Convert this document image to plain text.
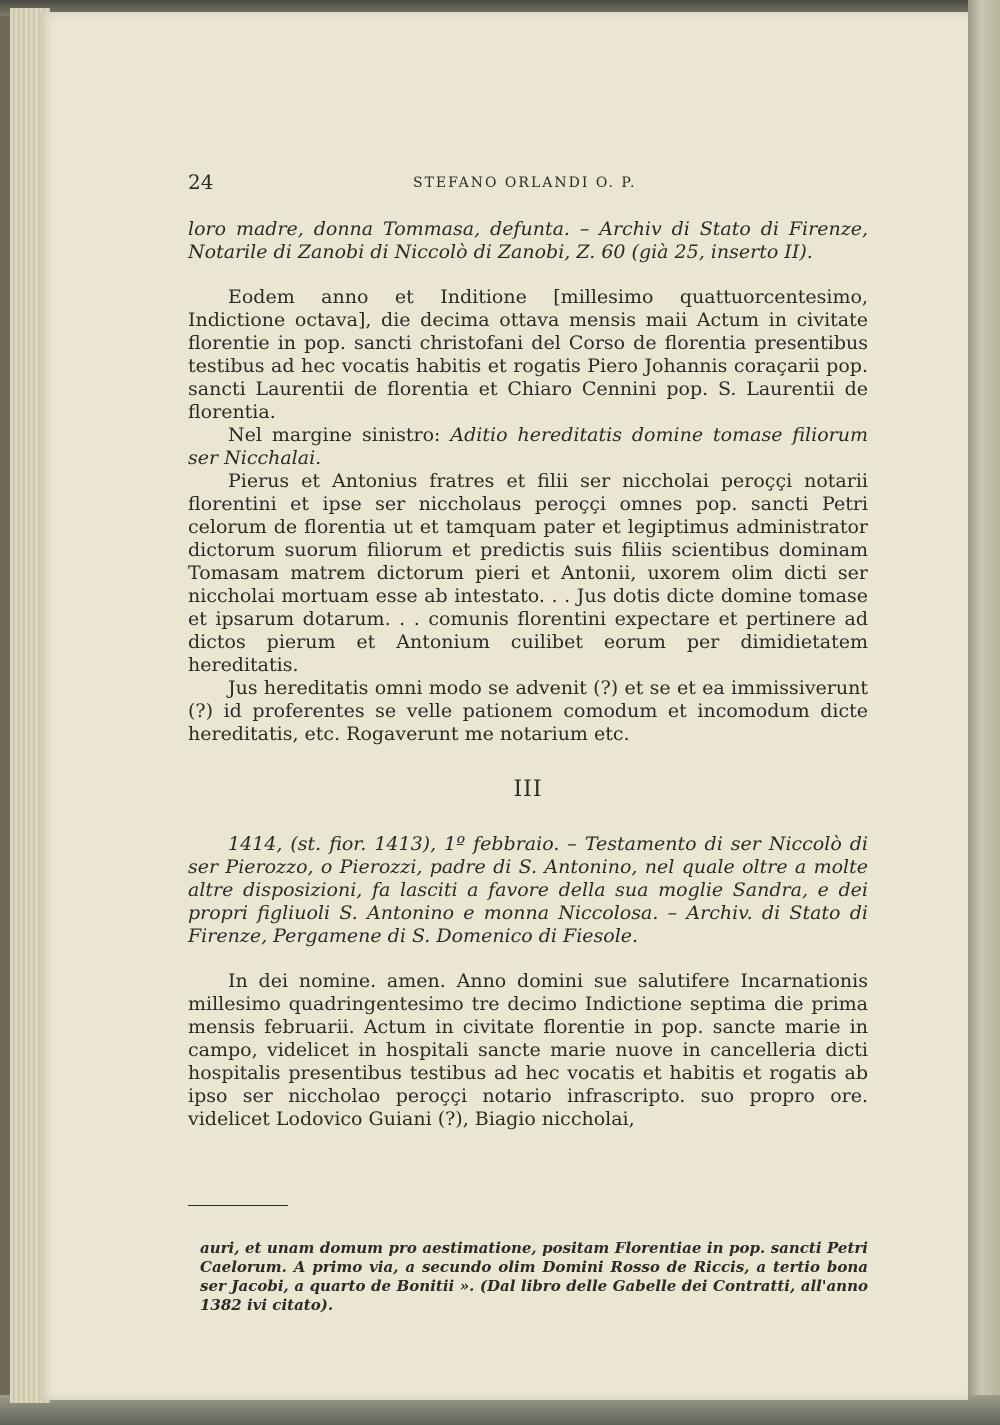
24	STEFANO ORLANDI O. P.

loro madre, donna Tommasa, defunta. – Archiv di Stato di Firenze, Notarile di Zanobi di Niccolò di Zanobi, Z. 60 (già 25, inserto II).

Eodem anno et Inditione [millesimo quattuorcentesimo, Indictione octava], die decima ottava mensis maii Actum in civitate florentie in pop. sancti christofani del Corso de florentia presentibus testibus ad hec vocatis habitis et rogatis Piero Johannis coraçarii pop. sancti Laurentii de florentia et Chiaro Cennini pop. S. Laurentii de florentia.

Nel margine sinistro: Aditio hereditatis domine tomase filiorum ser Nicchalai.

Pierus et Antonius fratres et filii ser niccholai peroççi notarii florentini et ipse ser niccholaus peroççi omnes pop. sancti Petri celorum de florentia ut et tamquam pater et legiptimus administrator dictorum suorum filiorum et predictis suis filiis scientibus dominam Tomasam matrem dictorum pieri et Antonii, uxorem olim dicti ser niccholai mortuam esse ab intestato. . . Jus dotis dicte domine tomase et ipsarum dotarum. . . comunis florentini expectare et pertinere ad dictos pierum et Antonium cuilibet eorum per dimidietatem hereditatis.

Jus hereditatis omni modo se advenit (?) et se et ea immissiverunt (?) id proferentes se velle pationem comodum et incomodum dicte hereditatis, etc. Rogaverunt me notarium etc.

III

1414, (st. fior. 1413), 1º febbraio. – Testamento di ser Niccolò di ser Pierozzo, o Pierozzi, padre di S. Antonino, nel quale oltre a molte altre disposizioni, fa lasciti a favore della sua moglie Sandra, e dei propri figliuoli S. Antonino e monna Niccolosa. – Archiv. di Stato di Firenze, Pergamene di S. Domenico di Fiesole.

In dei nomine. amen. Anno domini sue salutifere Incarnationis millesimo quadringentesimo tre decimo Indictione septima die prima mensis februarii. Actum in civitate florentie in pop. sancte marie in campo, videlicet in hospitali sancte marie nuove in cancelleria dicti hospitalis presentibus testibus ad hec vocatis et habitis et rogatis ab ipso ser niccholao peroççi notario infrascripto. suo propro ore. videlicet Lodovico Guiani (?), Biagio niccholai,

auri, et unam domum pro aestimatione, positam Florentiae in pop. sancti Petri Caelorum. A primo via, a secundo olim Domini Rosso de Riccis, a tertio bona ser Jacobi, a quarto de Bonitii ». (Dal libro delle Gabelle dei Contratti, all'anno 1382 ivi citato).
